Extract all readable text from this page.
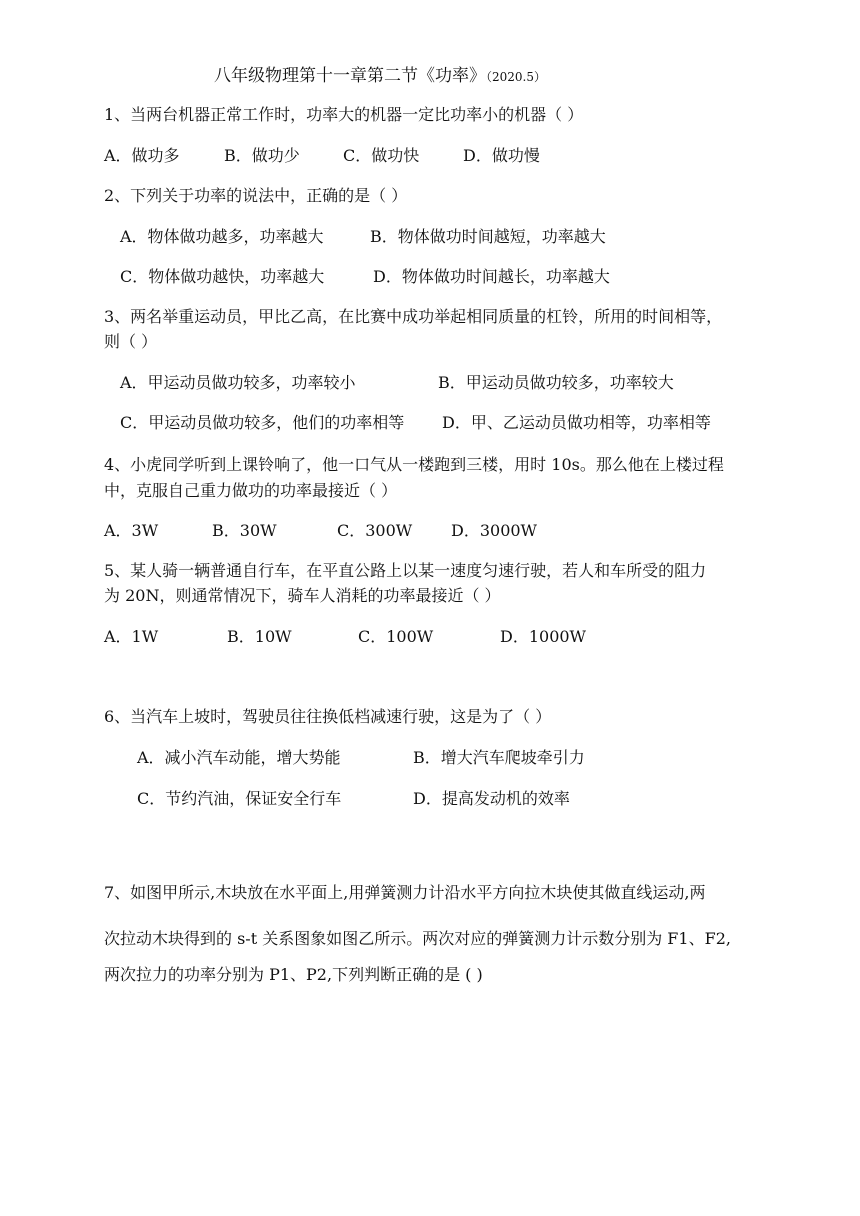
八年级物理第十一章第二节《功率》（2020.5）
1、当两台机器正常工作时，功率大的机器一定比功率小的机器（ ）
A．做功多	B．做功少	C．做功快	D．做功慢
2、下列关于功率的说法中，正确的是（ ）
A．物体做功越多，功率越大	B．物体做功时间越短，功率越大
C．物体做功越快，功率越大	D．物体做功时间越长，功率越大
3、两名举重运动员，甲比乙高，在比赛中成功举起相同质量的杠铃，所用的时间相等，
则（ ）
A．甲运动员做功较多，功率较小	B．甲运动员做功较多，功率较大
C．甲运动员做功较多，他们的功率相等 D．甲、乙运动员做功相等，功率相等
4、小虎同学听到上课铃响了，他一口气从一楼跑到三楼，用时 10s。那么他在上楼过程
中，克服自己重力做功的功率最接近（ ）
A．3W	B．30W	C．300W D．3000W
5、某人骑一辆普通自行车，在平直公路上以某一速度匀速行驶，若人和车所受的阻力
为 20N，则通常情况下，骑车人消耗的功率最接近（ ）
A．1W	B．10W	C．100W	D．1000W
6、当汽车上坡时，驾驶员往往换低档减速行驶，这是为了（ ）
A．减小汽车动能，增大势能	B．增大汽车爬坡牵引力
C．节约汽油，保证安全行车	D．提高发动机的效率
7、如图甲所示,木块放在水平面上,用弹簧测力计沿水平方向拉木块使其做直线运动,两
次拉动木块得到的 s-t 关系图象如图乙所示。两次对应的弹簧测力计示数分别为 F1、F2,
两次拉力的功率分别为 P1、P2,下列判断正确的是 ( )
